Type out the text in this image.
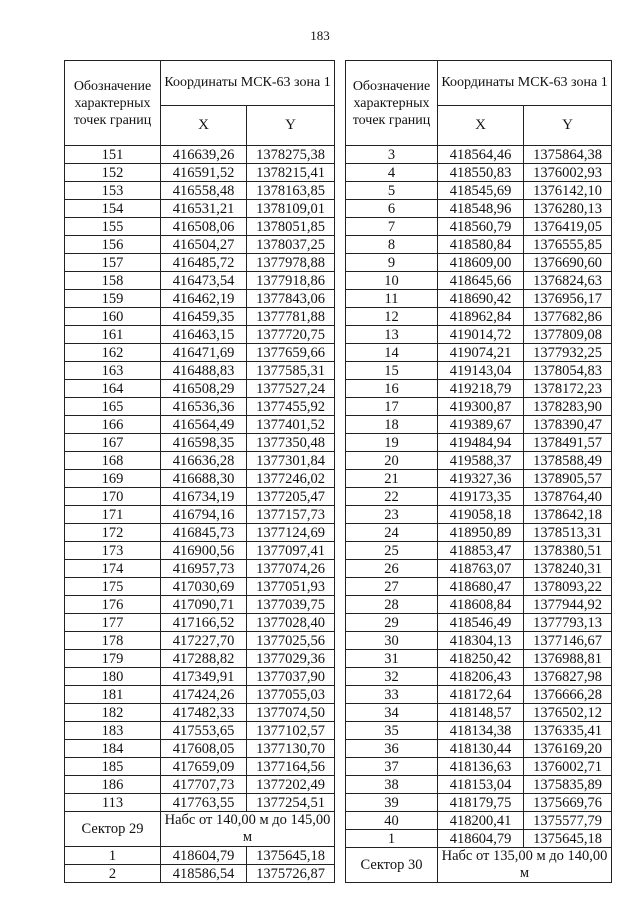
183
Обозначение характерных точек границ	Координаты МСК-63 зона 1	
	X	Y
151	416639,26	1378275,38
152	416591,52	1378215,41
153	416558,48	1378163,85
154	416531,21	1378109,01
155	416508,06	1378051,85
156	416504,27	1378037,25
157	416485,72	1377978,88
158	416473,54	1377918,86
159	416462,19	1377843,06
160	416459,35	1377781,88
161	416463,15	1377720,75
162	416471,69	1377659,66
163	416488,83	1377585,31
164	416508,29	1377527,24
165	416536,36	1377455,92
166	416564,49	1377401,52
167	416598,35	1377350,48
168	416636,28	1377301,84
169	416688,30	1377246,02
170	416734,19	1377205,47
171	416794,16	1377157,73
172	416845,73	1377124,69
173	416900,56	1377097,41
174	416957,73	1377074,26
175	417030,69	1377051,93
176	417090,71	1377039,75
177	417166,52	1377028,40
178	417227,70	1377025,56
179	417288,82	1377029,36
180	417349,91	1377037,90
181	417424,26	1377055,03
182	417482,33	1377074,50
183	417553,65	1377102,57
184	417608,05	1377130,70
185	417659,09	1377164,56
186	417707,73	1377202,49
113	417763,55	1377254,51
Сектор 29	Набс от 140,00 м до 145,00 м	
1	418604,79	1375645,18
2	418586,54	1375726,87
Обозначение характерных точек границ	Координаты МСК-63 зона 1	
	X	Y
3	418564,46	1375864,38
4	418550,83	1376002,93
5	418545,69	1376142,10
6	418548,96	1376280,13
7	418560,79	1376419,05
8	418580,84	1376555,85
9	418609,00	1376690,60
10	418645,66	1376824,63
11	418690,42	1376956,17
12	418962,84	1377682,86
13	419014,72	1377809,08
14	419074,21	1377932,25
15	419143,04	1378054,83
16	419218,79	1378172,23
17	419300,87	1378283,90
18	419389,67	1378390,47
19	419484,94	1378491,57
20	419588,37	1378588,49
21	419327,36	1378905,57
22	419173,35	1378764,40
23	419058,18	1378642,18
24	418950,89	1378513,31
25	418853,47	1378380,51
26	418763,07	1378240,31
27	418680,47	1378093,22
28	418608,84	1377944,92
29	418546,49	1377793,13
30	418304,13	1377146,67
31	418250,42	1376988,81
32	418206,43	1376827,98
33	418172,64	1376666,28
34	418148,57	1376502,12
35	418134,38	1376335,41
36	418130,44	1376169,20
37	418136,63	1376002,71
38	418153,04	1375835,89
39	418179,75	1375669,76
40	418200,41	1375577,79
1	418604,79	1375645,18
Сектор 30	Набс от 135,00 м до 140,00 м	
